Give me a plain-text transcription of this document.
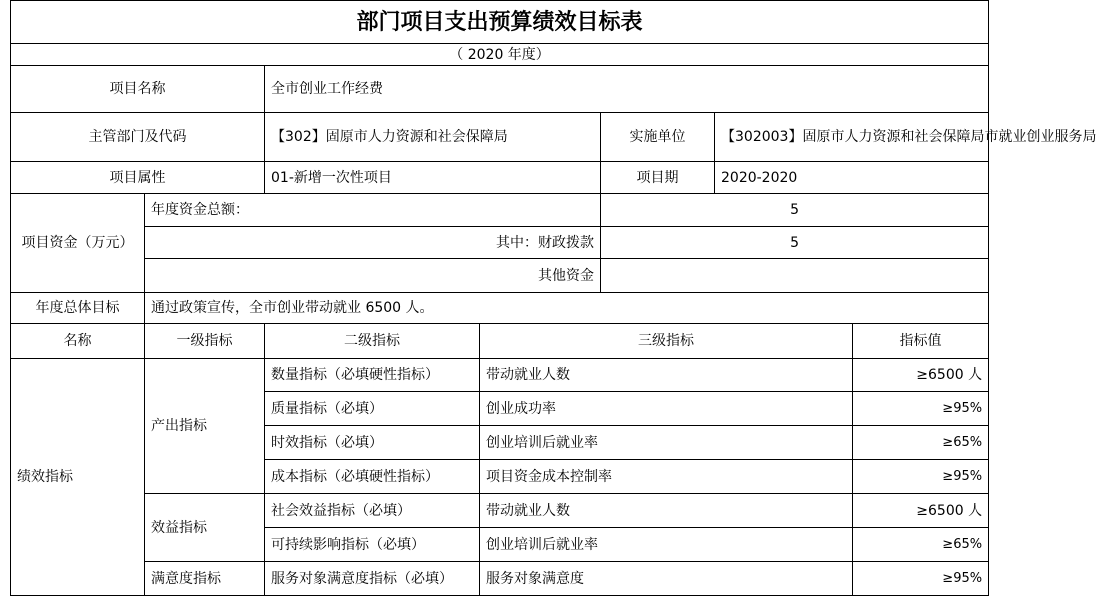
部门项目支出预算绩效目标表						
（ 2020 年度）						
项目名称		全市创业工作经费				
主管部门及代码		【302】固原市人力资源和社会保障局		实施单位	【302003】固原市人力资源和社会保障局市就业创业服务局	
项目属性		01-新增一次性项目		项目期	2020-2020	
项目资金（万元）	年度资金总额：			5		
	其中：财政拨款			5		
	其他资金					
年度总体目标	通过政策宣传，全市创业带动就业 6500 人。					
名称	一级指标	二级指标	三级指标			指标值
绩效指标	产出指标	数量指标（必填硬性指标）	带动就业人数			≥6500 人
		质量指标（必填）	创业成功率			≥95%
		时效指标（必填）	创业培训后就业率			≥65%
		成本指标（必填硬性指标）	项目资金成本控制率			≥95%
	效益指标	社会效益指标（必填）	带动就业人数			≥6500 人
		可持续影响指标（必填）	创业培训后就业率			≥65%
	满意度指标	服务对象满意度指标（必填）	服务对象满意度			≥95%
